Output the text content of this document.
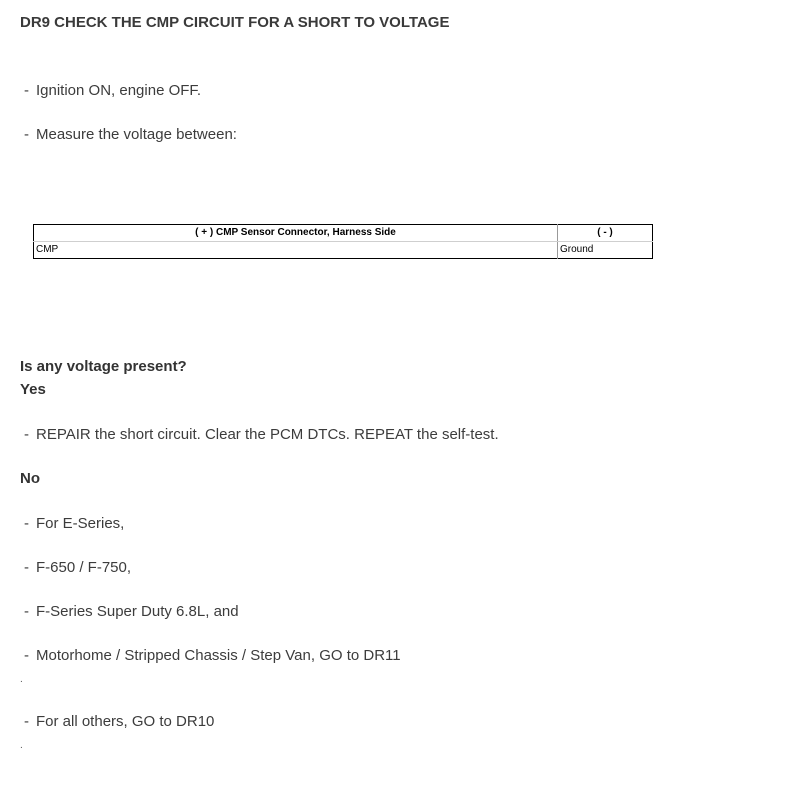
DR9 CHECK THE CMP CIRCUIT FOR A SHORT TO VOLTAGE
- Ignition ON, engine OFF.
- Measure the voltage between:
( + ) CMP Sensor Connector, Harness Side	( - )
CMP	Ground
Is any voltage present?
Yes
- REPAIR the short circuit. Clear the PCM DTCs. REPEAT the self-test.
No
- For E-Series,
- F-650 / F-750,
- F-Series Super Duty 6.8L, and
- Motorhome / Stripped Chassis / Step Van, GO to DR11
.
- For all others, GO to DR10
.
